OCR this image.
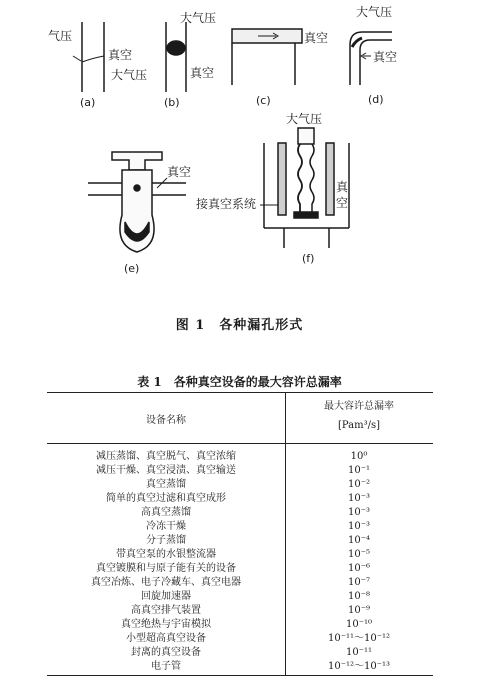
气压
真空
大气压
(a)
大气压
真空
(b)
真空
(c)
大气压
真空
(d)
真空
(e)
大气压
接真空系统
真
空
(f)
图 1　各种漏孔形式
表 1　各种真空设备的最大容许总漏率
设备名称
最大容许总漏率
[Pam³/s]
减压蒸馏、真空脱气、真空浓缩	10⁰
减压干燥、真空浸渍、真空输送	10⁻¹
真空蒸馏	10⁻²
简单的真空过滤和真空成形	10⁻³
高真空蒸馏	10⁻³
冷冻干燥	10⁻³
分子蒸馏	10⁻⁴
带真空泵的水银整流器	10⁻⁵
真空镀膜和与原子能有关的设备	10⁻⁶
真空冶炼、电子冷藏车、真空电器	10⁻⁷
回旋加速器	10⁻⁸
高真空排气装置	10⁻⁹
真空绝热与宇宙模拟	10⁻¹⁰
小型超高真空设备	10⁻¹¹～10⁻¹²
封离的真空设备	10⁻¹¹
电子管	10⁻¹²～10⁻¹³
